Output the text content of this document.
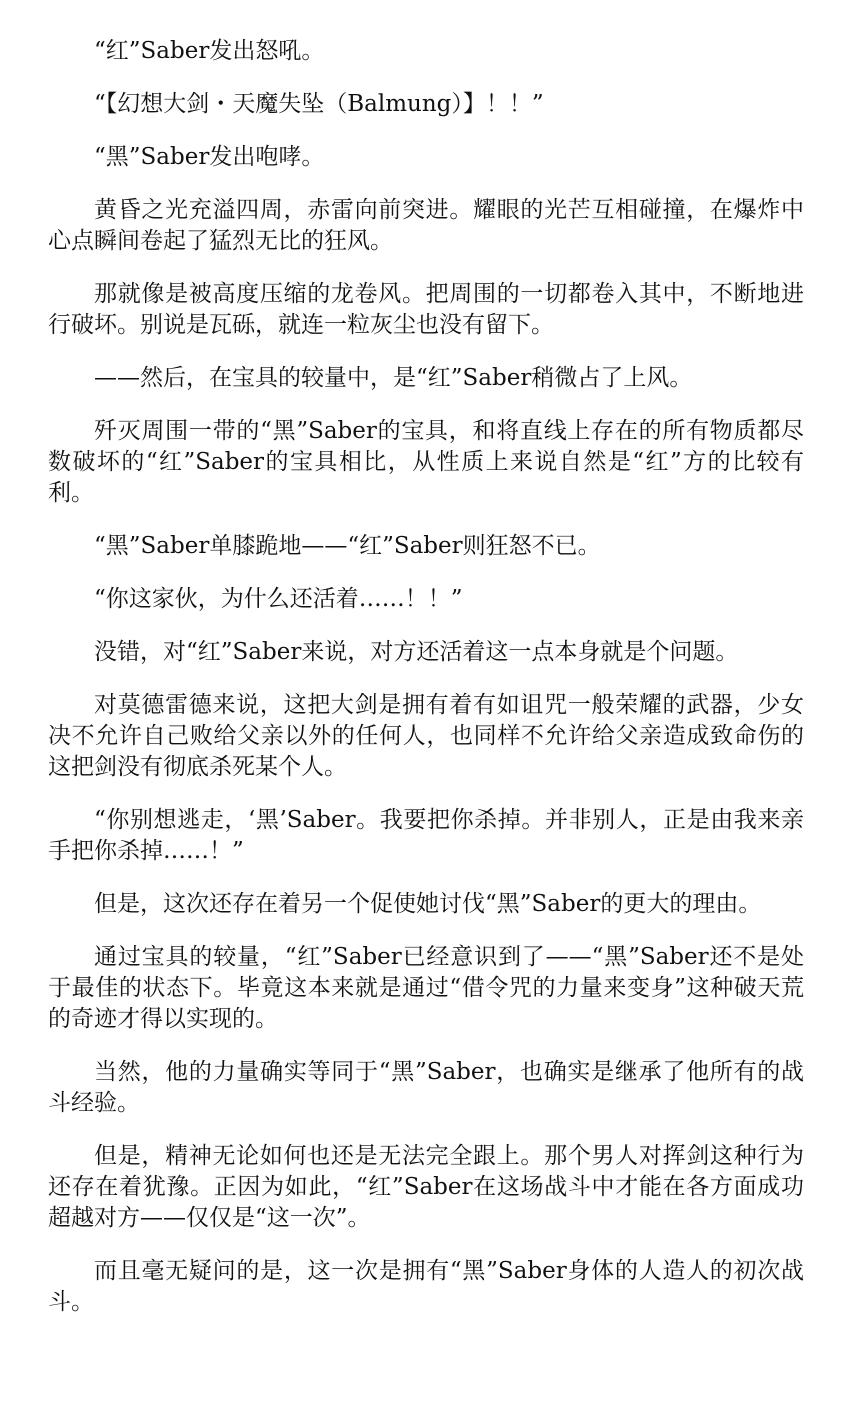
“红”Saber发出怒吼。

“【幻想大剑・天魔失坠（Balmung）】！！”

“黑”Saber发出咆哮。

黄昏之光充溢四周，赤雷向前突进。耀眼的光芒互相碰撞，在爆炸中心点瞬间卷起了猛烈无比的狂风。

那就像是被高度压缩的龙卷风。把周围的一切都卷入其中，不断地进行破坏。别说是瓦砾，就连一粒灰尘也没有留下。

——然后，在宝具的较量中，是“红”Saber稍微占了上风。

歼灭周围一带的“黑”Saber的宝具，和将直线上存在的所有物质都尽数破坏的“红”Saber的宝具相比，从性质上来说自然是“红”方的比较有利。

“黑”Saber单膝跪地——“红”Saber则狂怒不已。

“你这家伙，为什么还活着……！！”

没错，对“红”Saber来说，对方还活着这一点本身就是个问题。

对莫德雷德来说，这把大剑是拥有着有如诅咒一般荣耀的武器，少女决不允许自己败给父亲以外的任何人，也同样不允许给父亲造成致命伤的这把剑没有彻底杀死某个人。

“你别想逃走，‘黑’Saber。我要把你杀掉。并非别人，正是由我来亲手把你杀掉……！”

但是，这次还存在着另一个促使她讨伐“黑”Saber的更大的理由。

通过宝具的较量，“红”Saber已经意识到了——“黑”Saber还不是处于最佳的状态下。毕竟这本来就是通过“借令咒的力量来变身”这种破天荒的奇迹才得以实现的。

当然，他的力量确实等同于“黑”Saber，也确实是继承了他所有的战斗经验。

但是，精神无论如何也还是无法完全跟上。那个男人对挥剑这种行为还存在着犹豫。正因为如此，“红”Saber在这场战斗中才能在各方面成功超越对方——仅仅是“这一次”。

而且毫无疑问的是，这一次是拥有“黑”Saber身体的人造人的初次战斗。
